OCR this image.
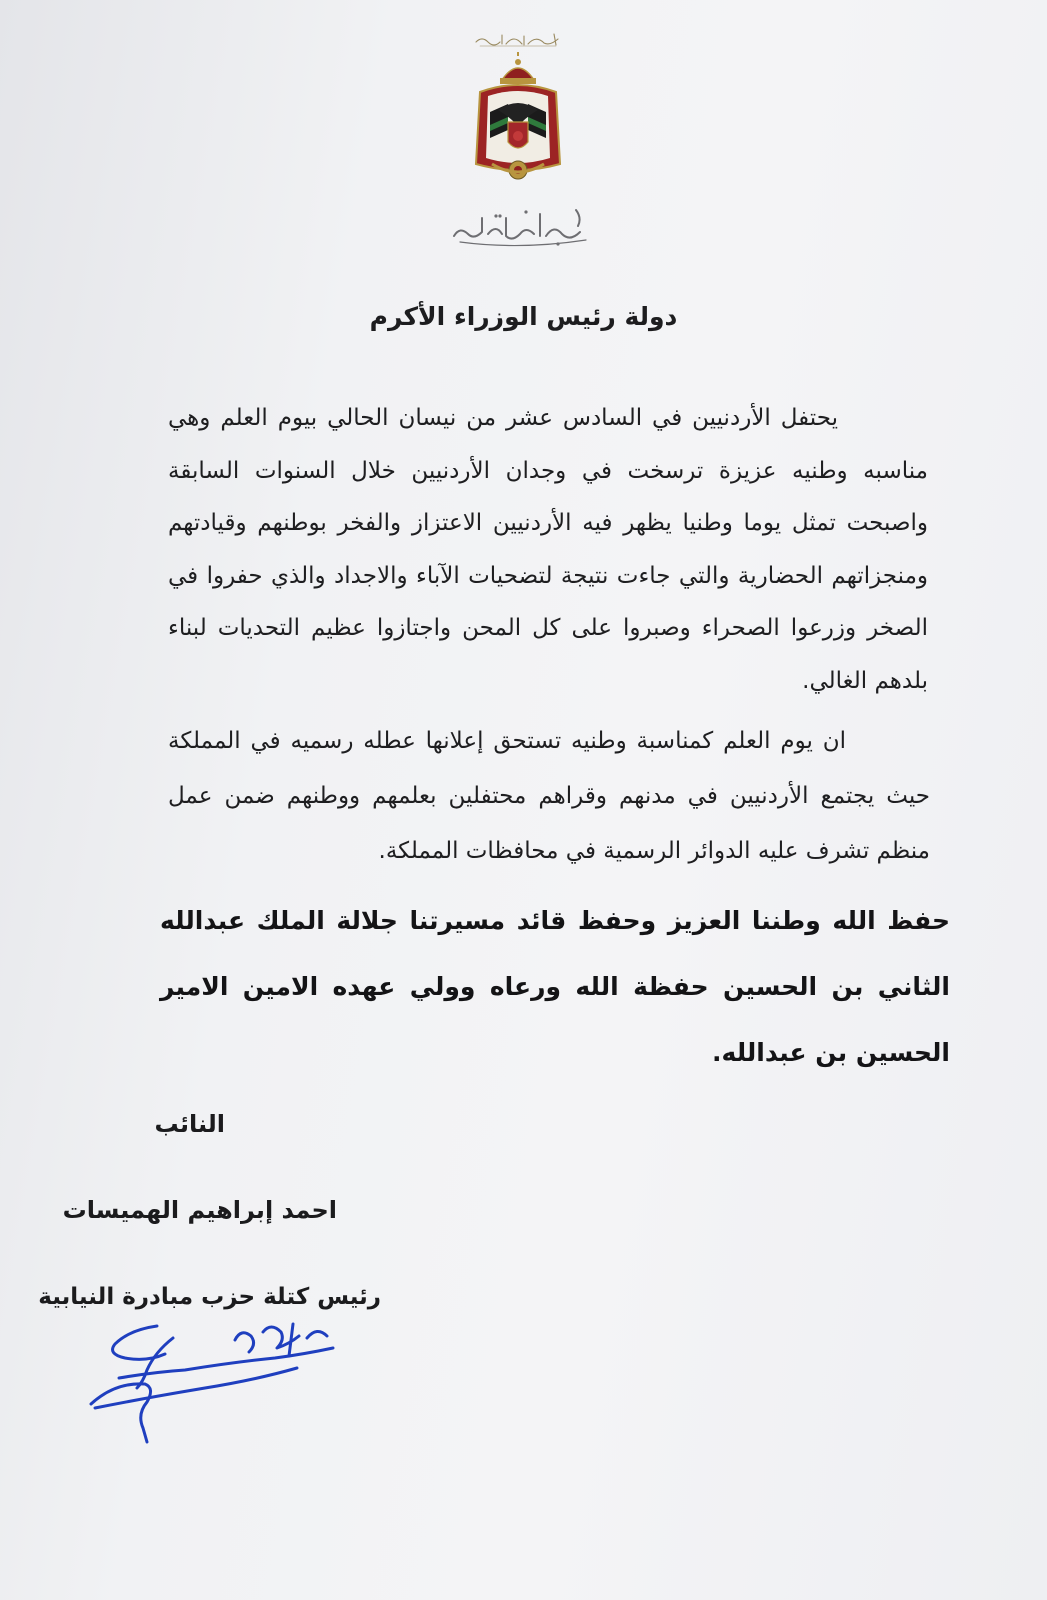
دولة رئيس الوزراء الأكرم
يحتفل الأردنيين في السادس عشر من نيسان الحالي بيوم العلم وهي مناسبه وطنيه عزيزة ترسخت في وجدان الأردنيين خلال السنوات السابقة واصبحت تمثل يوما وطنيا يظهر فيه الأردنيين الاعتزاز والفخر بوطنهم وقيادتهم ومنجزاتهم الحضارية والتي جاءت نتيجة لتضحيات الآباء والاجداد والذي حفروا في الصخر وزرعوا الصحراء وصبروا على كل المحن واجتازوا عظيم التحديات لبناء بلدهم الغالي.
ان يوم العلم كمناسبة وطنيه تستحق إعلانها عطله رسميه في المملكة حيث يجتمع الأردنيين في مدنهم وقراهم محتفلين بعلمهم ووطنهم ضمن عمل منظم تشرف عليه الدوائر الرسمية في محافظات المملكة.
حفظ الله وطننا العزيز وحفظ قائد مسيرتنا جلالة الملك عبدالله الثاني بن الحسين حفظة الله ورعاه وولي عهده الامين الامير الحسين بن عبدالله.
النائب
احمد إبراهيم الهميسات
رئيس كتلة حزب مبادرة النيابية
